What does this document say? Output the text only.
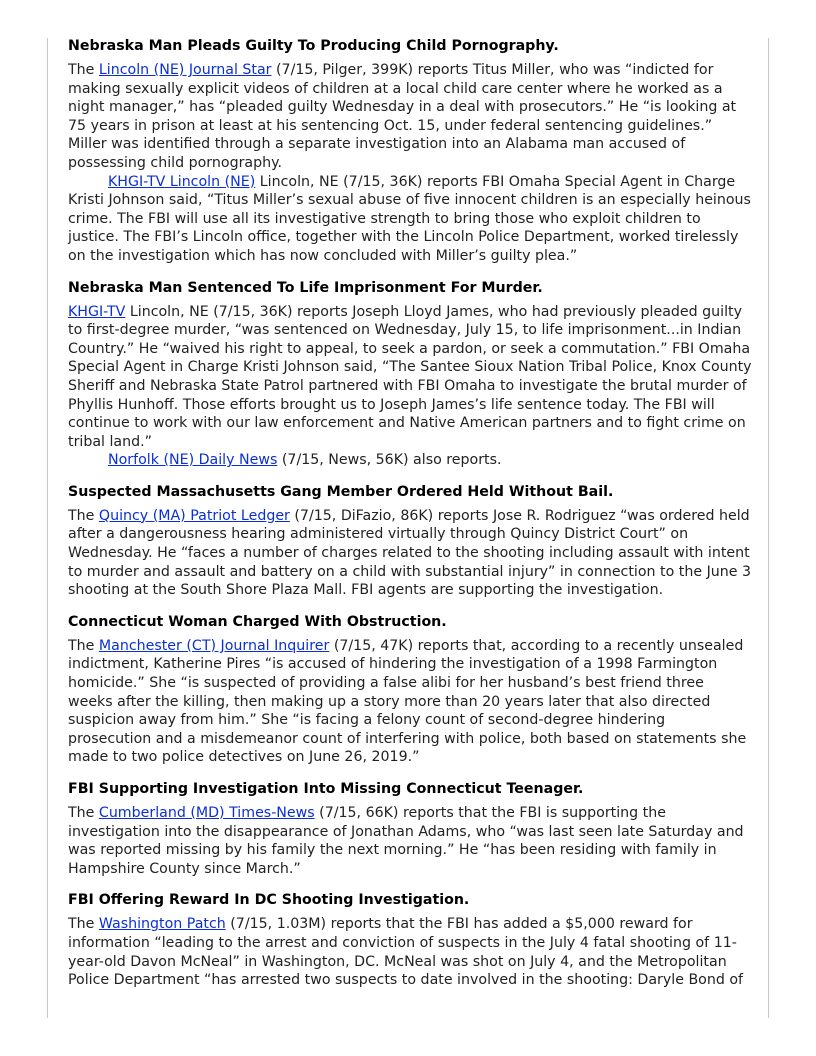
Nebraska Man Pleads Guilty To Producing Child Pornography.

The Lincoln (NE) Journal Star (7/15, Pilger, 399K) reports Titus Miller, who was “indicted for making sexually explicit videos of children at a local child care center where he worked as a night manager,” has “pleaded guilty Wednesday in a deal with prosecutors.” He “is looking at 75 years in prison at least at his sentencing Oct. 15, under federal sentencing guidelines.” Miller was identified through a separate investigation into an Alabama man accused of possessing child pornography.

KHGI-TV Lincoln (NE) Lincoln, NE (7/15, 36K) reports FBI Omaha Special Agent in Charge Kristi Johnson said, “Titus Miller’s sexual abuse of five innocent children is an especially heinous crime. The FBI will use all its investigative strength to bring those who exploit children to justice. The FBI’s Lincoln office, together with the Lincoln Police Department, worked tirelessly on the investigation which has now concluded with Miller’s guilty plea.”

Nebraska Man Sentenced To Life Imprisonment For Murder.

KHGI-TV Lincoln, NE (7/15, 36K) reports Joseph Lloyd James, who had previously pleaded guilty to first-degree murder, “was sentenced on Wednesday, July 15, to life imprisonment...in Indian Country.” He “waived his right to appeal, to seek a pardon, or seek a commutation.” FBI Omaha Special Agent in Charge Kristi Johnson said, “The Santee Sioux Nation Tribal Police, Knox County Sheriff and Nebraska State Patrol partnered with FBI Omaha to investigate the brutal murder of Phyllis Hunhoff. Those efforts brought us to Joseph James’s life sentence today. The FBI will continue to work with our law enforcement and Native American partners and to fight crime on tribal land.”

Norfolk (NE) Daily News (7/15, News, 56K) also reports.

Suspected Massachusetts Gang Member Ordered Held Without Bail.

The Quincy (MA) Patriot Ledger (7/15, DiFazio, 86K) reports Jose R. Rodriguez “was ordered held after a dangerousness hearing administered virtually through Quincy District Court” on Wednesday. He “faces a number of charges related to the shooting including assault with intent to murder and assault and battery on a child with substantial injury” in connection to the June 3 shooting at the South Shore Plaza Mall. FBI agents are supporting the investigation.

Connecticut Woman Charged With Obstruction.

The Manchester (CT) Journal Inquirer (7/15, 47K) reports that, according to a recently unsealed indictment, Katherine Pires “is accused of hindering the investigation of a 1998 Farmington homicide.” She “is suspected of providing a false alibi for her husband’s best friend three weeks after the killing, then making up a story more than 20 years later that also directed suspicion away from him.” She “is facing a felony count of second-degree hindering prosecution and a misdemeanor count of interfering with police, both based on statements she made to two police detectives on June 26, 2019.”

FBI Supporting Investigation Into Missing Connecticut Teenager.

The Cumberland (MD) Times-News (7/15, 66K) reports that the FBI is supporting the investigation into the disappearance of Jonathan Adams, who “was last seen late Saturday and was reported missing by his family the next morning.” He “has been residing with family in Hampshire County since March.”

FBI Offering Reward In DC Shooting Investigation.

The Washington Patch (7/15, 1.03M) reports that the FBI has added a $5,000 reward for information “leading to the arrest and conviction of suspects in the July 4 fatal shooting of 11-year-old Davon McNeal” in Washington, DC. McNeal was shot on July 4, and the Metropolitan Police Department “has arrested two suspects to date involved in the shooting: Daryle Bond of
